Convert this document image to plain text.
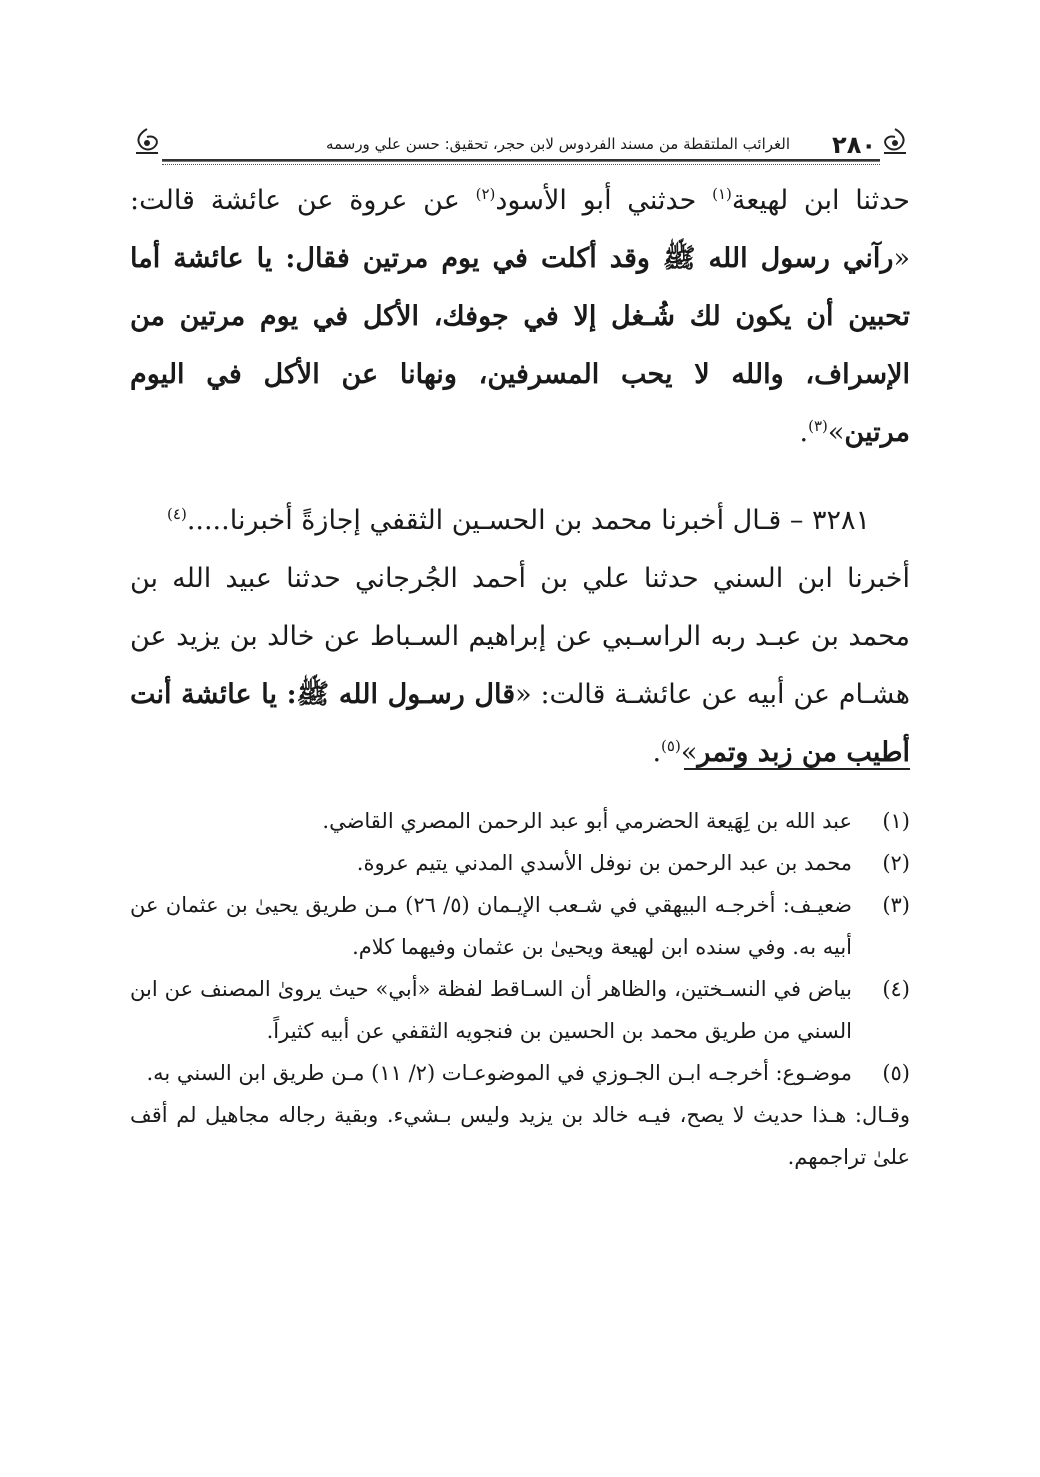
٢٨٠
الغرائب الملتقطة من مسند الفردوس لابن حجر، تحقيق: حسن علي ورسمه

حدثنا ابن لهيعة$^{(١)}$ حدثني أبو الأسود$^{(٢)}$ عن عروة عن عائشة قالت: «رآني رسول الله ﷺ وقد أكلت في يوم مرتين فقال: يا عائشة أما تحبين أن يكون لك شُـغل إلا في جوفك، الأكل في يوم مرتين من الإسراف، والله لا يحب المسرفين، ونهانا عن الأكل في اليوم مرتين»$^{(٣)}$.

٣٢٨١ – قـال أخبرنا محمد بن الحسـين الثقفي إجازةً أخبرنا.....$^{(٤)}$
أخبرنا ابن السني حدثنا علي بن أحمد الجُرجاني حدثنا عبيد الله بن محمد بن عبـد ربه الراسـبي عن إبراهيم السـباط عن خالد بن يزيد عن هشـام عن أبيه عن عائشـة قالت: «قال رسـول الله ﷺ: يا عائشة أنت أطيب من زبد وتمر»$^{(٥)}$.

(١)
عبد الله بن لِهَيعة الحضرمي أبو عبد الرحمن المصري القاضي.
(٢)
محمد بن عبد الرحمن بن نوفل الأسدي المدني يتيم عروة.
(٣)
ضعيـف: أخرجـه البيهقي في شـعب الإيـمان (٥/ ٢٦) مـن طريق يحيىٰ بن عثمان عن أبيه به. وفي سنده ابن لهيعة ويحيىٰ بن عثمان وفيهما كلام.
(٤)
بياض في النسـختين، والظاهر أن السـاقط لفظة «أبي» حيث يروىٰ المصنف عن ابن السني من طريق محمد بن الحسين بن فنجويه الثقفي عن أبيه كثيراً.
(٥)
موضـوع: أخرجـه ابـن الجـوزي في الموضوعـات (٢/ ١١) مـن طريق ابن السني به.

وقـال: هـذا حديث لا يصح، فيـه خالد بن يزيد وليس بـشيء. وبقية رجاله مجاهيل لم أقف علىٰ تراجمهم.
